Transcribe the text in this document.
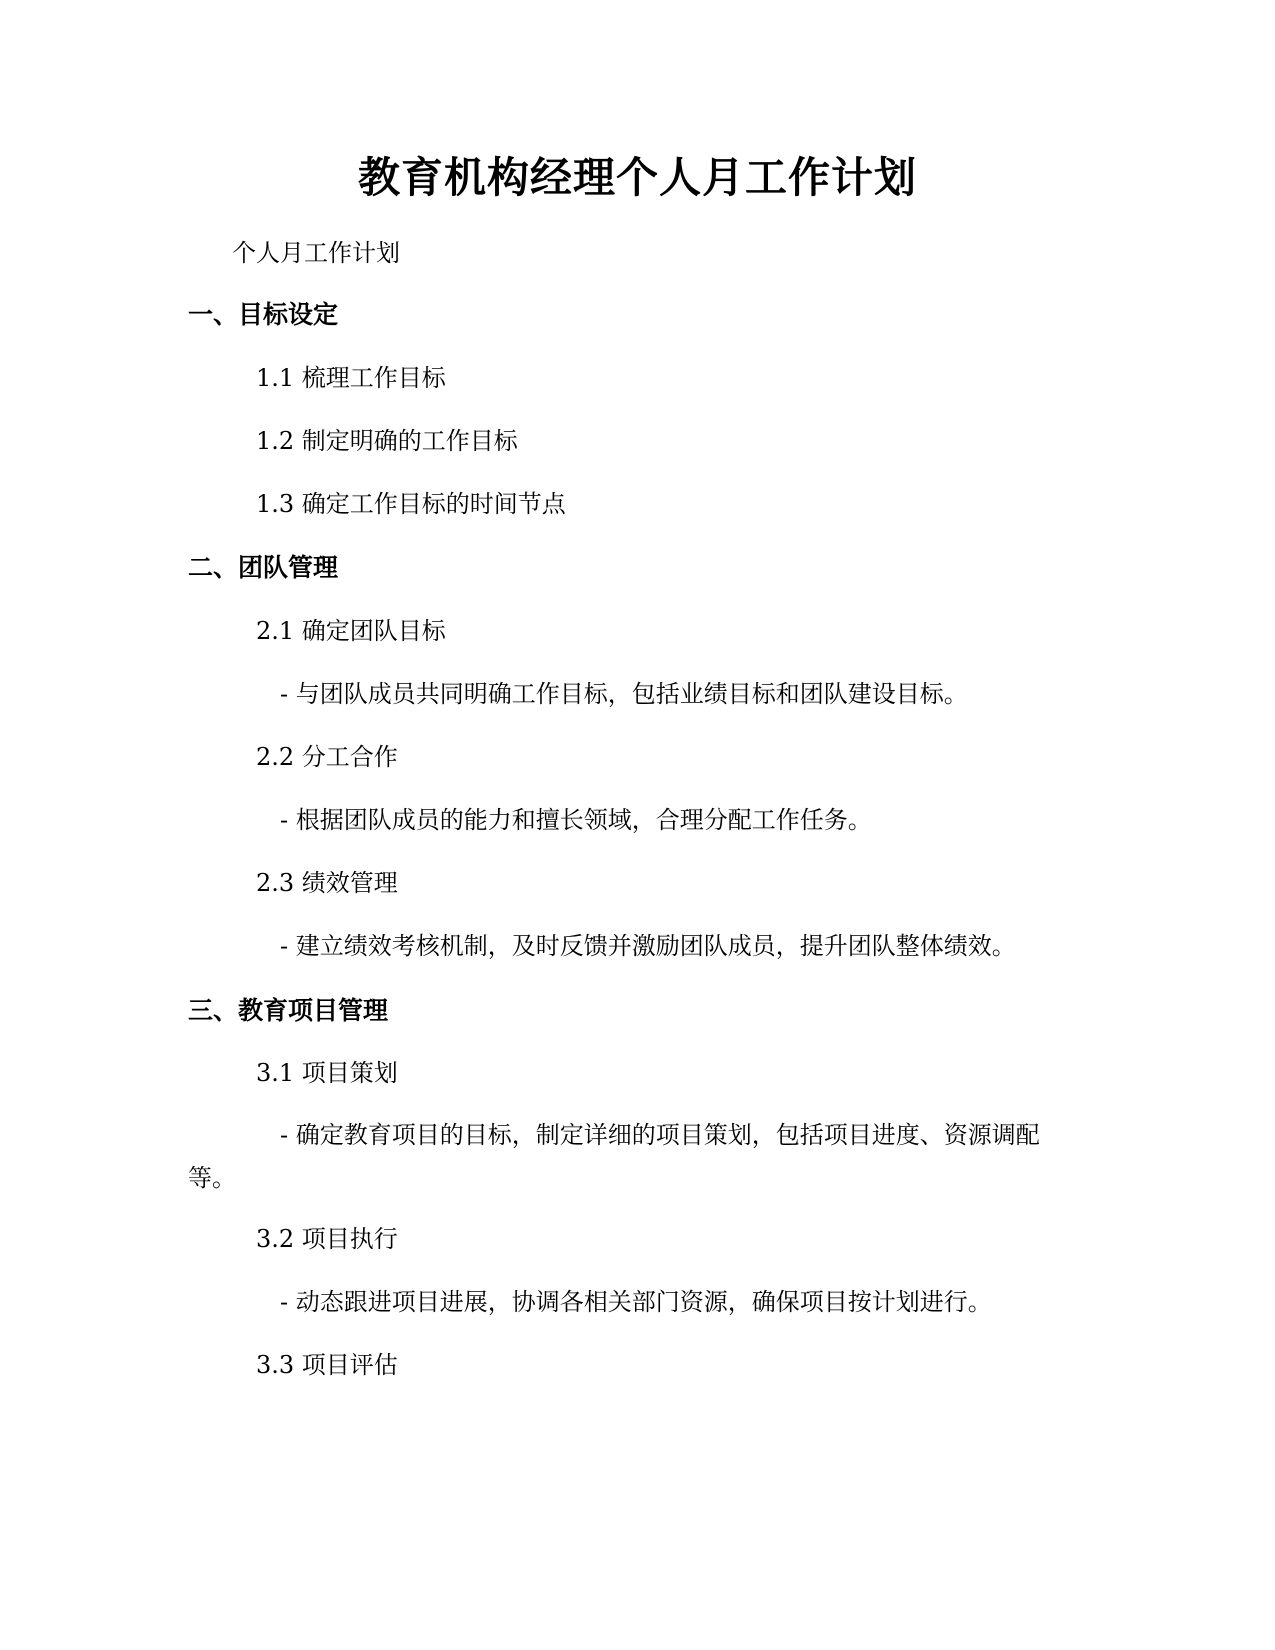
教育机构经理个人月工作计划
个人月工作计划
一、目标设定
1.1 梳理工作目标
1.2 制定明确的工作目标
1.3 确定工作目标的时间节点
二、团队管理
2.1 确定团队目标
- 与团队成员共同明确工作目标，包括业绩目标和团队建设目标。
2.2 分工合作
- 根据团队成员的能力和擅长领域，合理分配工作任务。
2.3 绩效管理
- 建立绩效考核机制，及时反馈并激励团队成员，提升团队整体绩效。
三、教育项目管理
3.1 项目策划
- 确定教育项目的目标，制定详细的项目策划，包括项目进度、资源调配等。
3.2 项目执行
- 动态跟进项目进展，协调各相关部门资源，确保项目按计划进行。
3.3 项目评估
